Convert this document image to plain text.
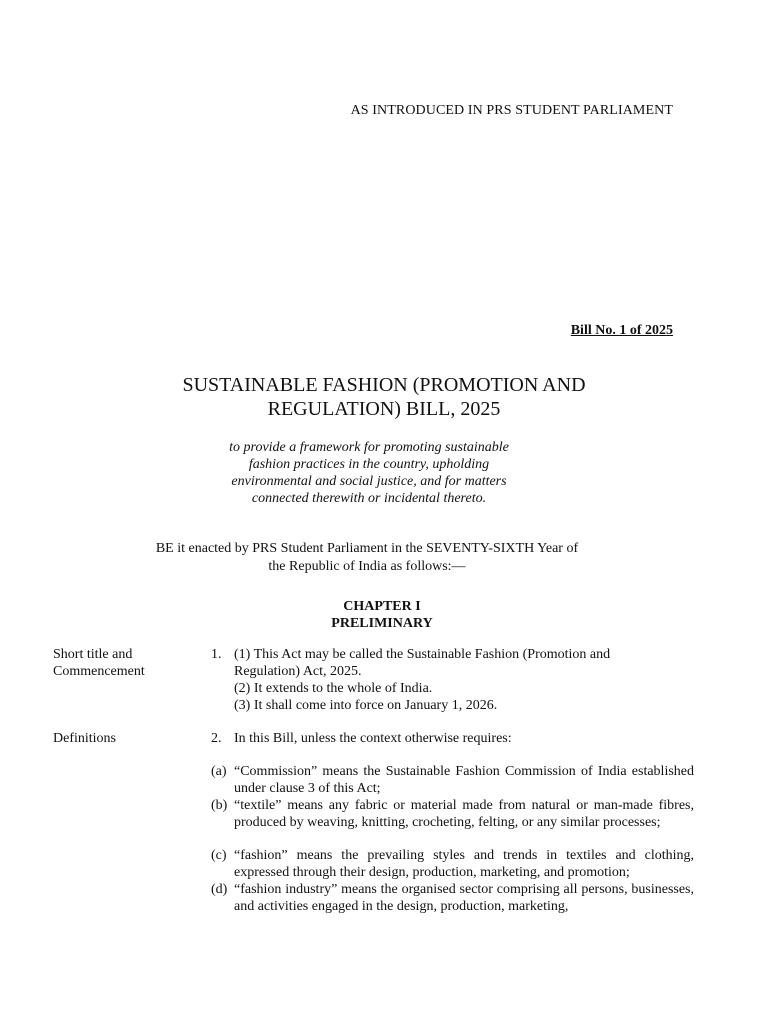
AS INTRODUCED IN PRS STUDENT PARLIAMENT
Bill No. 1 of 2025
SUSTAINABLE FASHION (PROMOTION AND
REGULATION) BILL, 2025
to provide a framework for promoting sustainable
fashion practices in the country, upholding
environmental and social justice, and for matters
connected therewith or incidental thereto.
BE it enacted by PRS Student Parliament in the SEVENTY-SIXTH Year of
the Republic of India as follows:—
CHAPTER I
PRELIMINARY
Short title and
Commencement
1. (1) This Act may be called the Sustainable Fashion (Promotion and
Regulation) Act, 2025.
(2) It extends to the whole of India.
(3) It shall come into force on January 1, 2026.
Definitions	2. In this Bill, unless the context otherwise requires:
(a) “Commission” means the Sustainable Fashion Commission of India established under clause 3 of this Act;
(b) “textile” means any fabric or material made from natural or man-made fibres, produced by weaving, knitting, crocheting, felting, or any similar processes;
(c) “fashion” means the prevailing styles and trends in textiles and clothing, expressed through their design, production, marketing, and promotion;
(d) “fashion industry” means the organised sector comprising all persons, businesses, and activities engaged in the design, production, marketing,
